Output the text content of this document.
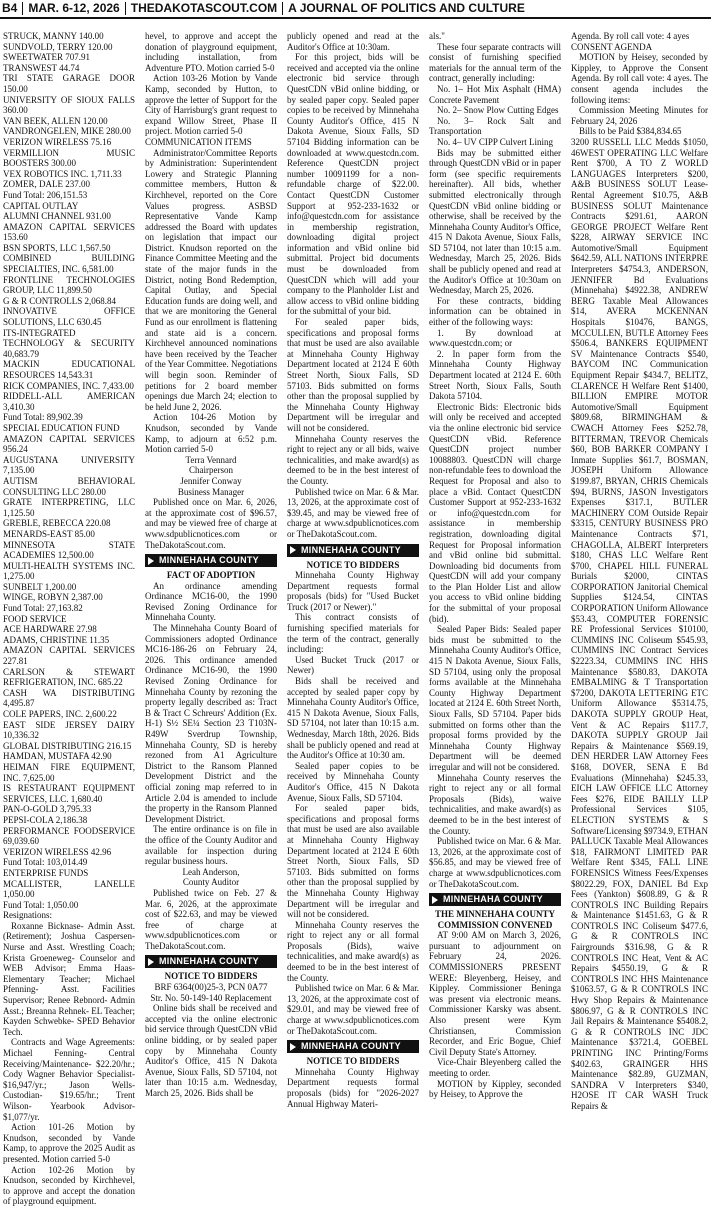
B4 MAR. 6-12, 2026 THEDAKOTASCOUT.COM A JOURNAL OF POLITICS AND CULTURE

STRUCK, MANNY 140.00

SUNDVOLD, TERRY 120.00

SWEETWATER 707.91

TRANSWEST 44.74

TRI STATE GARAGE DOOR 150.00

UNIVERSITY OF SIOUX FALLS 360.00

VAN BEEK, ALLEN 120.00

VANDRONGELEN, MIKE 280.00

VERIZON WIRELESS 75.16

VERMILLION MUSIC BOOSTERS 300.00

VEX ROBOTICS INC. 1,711.33

ZOMER, DALE 237.00

Fund Total: 206,151.53

CAPITAL OUTLAY

ALUMNI CHANNEL 931.00

AMAZON CAPITAL SERVICES 153.60

BSN SPORTS, LLC 1,567.50

COMBINED BUILDING SPECIALTIES, INC. 6,581.00

FRONTLINE TECHNOLOGIES GROUP, LLC 11,899.50

G & R CONTROLLS 2,068.84

INNOVATIVE OFFICE SOLUTIONS, LLC 630.45

ITS-INTEGRATED TECHNOLOGY & SECURITY 40,683.79

MACKIN EDUCATIONAL RESOURCES 14,543.31

RICK COMPANIES, INC. 7,433.00

RIDDELL-ALL AMERICAN 3,410.30

Fund Total: 89,902.39

SPECIAL EDUCATION FUND

AMAZON CAPITAL SERVICES 956.24

AUGUSTANA UNIVERSITY 7,135.00

AUTISM BEHAVIORAL CONSULTING LLC 280.00

GRATE INTERPRETING, LLC 1,125.50

GREBLE, REBECCA 220.08

MENARDS-EAST 85.00

MINNESOTA STATE ACADEMIES 12,500.00

MULTI-HEALTH SYSTEMS INC. 1,275.00

SUNBELT 1,200.00

WINGE, ROBYN 2,387.00

Fund Total: 27,163.82

FOOD SERVICE

ACE HARDWARE 27.98

ADAMS, CHRISTINE 11.35

AMAZON CAPITAL SERVICES 227.81

CARLSON & STEWART REFRIGERATION, INC. 685.22

CASH WA DISTRIBUTING 4,495.87

COLE PAPERS, INC. 2,600.22

EAST SIDE JERSEY DAIRY 10,336.32

GLOBAL DISTRIBUTING 216.15

HAMDAN, MUSTAFA 42.90

HEIMAN FIRE EQUIPMENT, INC. 7,625.00

IS RESTAURANT EQUIPMENT SERVICES, LLC. 1,680.40

PAN-O-GOLD 3,795.33

PEPSI-COLA 2,186.38

PERFORMANCE FOODSERVICE 69,039.60

VERIZON WIRELESS 42.96

Fund Total: 103,014.49

ENTERPRISE FUNDS

MCALLISTER, LANELLE 1,050.00

Fund Total: 1,050.00

Resignations:

Roxanne Bicknase- Admin Asst. (Retirement); Joshua Caspersen- Nurse and Asst. Wrestling Coach; Krista Groeneweg- Counselor and WEB Advisor; Emma Haas- Elementary Teacher; Michael Pfenning- Asst. Facilities Supervisor; Renee Rebnord- Admin Asst.; Breanna Rehnek- EL Teacher; Kayden Schwebke- SPED Behavior Tech.

Contracts and Wage Agreements: Michael Fenning- Central Receiving/Maintenance- $22.20/hr.; Cody Wagner Behavior Specialist- $16,947/yr.; Jason Wells- Custodian- $19.65/hr.; Trent Wilson- Yearbook Advisor- $1,077/yr.

Action 101-26 Motion by Knudson, seconded by Vande Kamp, to approve the 2025 Audit as presented. Motion carried 5-0

Action 102-26 Motion by Knudson, seconded by Kirchhevel, to approve and accept the donation of playground equipment.

hevel, to approve and accept the donation of playground equipment, including installation, from Adventure PTO. Motion carried 5-0

Action 103-26 Motion by Vande Kamp, seconded by Hutton, to approve the letter of Support for the City of Harrisburg's grant request to expand Willow Street, Phase II project. Motion carried 5-0

COMMUNICATION ITEMS

Administrator/Committee Reports by Administration: Superintendent Lowery and Strategic Planning committee members, Hutton & Kirchhevel, reported on the Core Values progress. ASBSD Representative Vande Kamp addressed the Board with updates on legislation that impact our District. Knudson reported on the Finance Committee Meeting and the state of the major funds in the District, noting Bond Redemption, Capital Outlay, and Special Education funds are doing well, and that we are monitoring the General Fund as our enrollment is flattening and state aid is a concern. Kirchhevel announced nominations have been received by the Teacher of the Year Committee. Negotiations will begin soon. Reminder of petitions for 2 board member openings due March 24; election to be held June 2, 2026.

Action 104-26 Motion by Knudson, seconded by Vande Kamp, to adjourn at 6:52 p.m. Motion carried 5-0

Terra Vennard

Chairperson

Jennifer Conway

Business Manager

Published once on Mar. 6, 2026, at the approximate cost of $96.57, and may be viewed free of charge at www.sdpublicnotices.com or TheDakotaScout.com.

MINNEHAHA COUNTY

FACT OF ADOPTION

An ordinance amending Ordinance MC16-00, the 1990 Revised Zoning Ordinance for Minnehaha County.

The Minnehaha County Board of Commissioners adopted Ordinance MC16-186-26 on February 24, 2026. This ordinance amended Ordinance MC16-90, the 1990 Revised Zoning Ordinance for Minnehaha County by rezoning the property legally described as: Tract B & Tract C Schreurs' Addition (Ex. H-1) S½ SE¼ Section 23 T103N-R49W Sverdrup Township, Minnehaha County, SD is hereby rezoned from A1 Agriculture District to the Ransom Planned Development District and the official zoning map referred to in Article 2.04 is amended to include the property in the Ransom Planned Development District.

The entire ordinance is on file in the office of the County Auditor and available for inspection during regular business hours.

Leah Anderson,

County Auditor

Published twice on Feb. 27 & Mar. 6, 2026, at the approximate cost of $22.63, and may be viewed free of charge at www.sdpublicnotices.com or TheDakotaScout.com.

MINNEHAHA COUNTY

NOTICE TO BIDDERS

BRF 6364(00)25-3, PCN 0A77

Str. No. 50-149-140 Replacement

Online bids shall be received and accepted via the online electronic bid service through QuestCDN vBid online bidding, or by sealed paper copy by Minnehaha County Auditor's Office, 415 N Dakota Avenue, Sioux Falls, SD 57104, not later than 10:15 a.m. Wednesday, March 25, 2026. Bids shall be

publicly opened and read at the Auditor's Office at 10:30am.

For this project, bids will be received and accepted via the online electronic bid service through QuestCDN vBid online bidding, or by sealed paper copy. Sealed paper copies to be received by Minnehaha County Auditor's Office, 415 N Dakota Avenue, Sioux Falls, SD 57104 Bidding information can be downloaded at www.questcdn.com. Reference QuestCDN project number 10091199 for a non-refundable charge of $22.00. Contact QuestCDN Customer Support at 952-233-1632 or info@questcdn.com for assistance in membership registration, downloading digital project information and vBid online bid submittal. Project bid documents must be downloaded from QuestCDN which will add your company to the Planholder List and allow access to vBid online bidding for the submittal of your bid.

For sealed paper bids, specifications and proposal forms that must be used are also available at Minnehaha County Highway Department located at 2124 E 60th Street North, Sioux Falls, SD 57103. Bids submitted on forms other than the proposal supplied by the Minnehaha County Highway Department will be irregular and will not be considered.

Minnehaha County reserves the right to reject any or all bids, waive technicalities, and make award(s) as deemed to be in the best interest of the County.

Published twice on Mar. 6 & Mar. 13, 2026, at the approximate cost of $39.45, and may be viewed free of charge at www.sdpublicnotices.com or TheDakotaScout.com.

MINNEHAHA COUNTY

NOTICE TO BIDDERS

Minnehaha County Highway Department requests formal proposals (bids) for "Used Bucket Truck (2017 or Newer)."

This contract consists of furnishing specified materials for the term of the contract, generally including:

Used Bucket Truck (2017 or Newer)

Bids shall be received and accepted by sealed paper copy by Minnehaha County Auditor's Office, 415 N Dakota Avenue, Sioux Falls, SD 57104, not later than 10:15 a.m. Wednesday, March 18th, 2026. Bids shall be publicly opened and read at the Auditor's Office at 10:30 am.

Sealed paper copies to be received by Minnehaha County Auditor's Office, 415 N Dakota Avenue, Sioux Falls, SD 57104.

For sealed paper bids, specifications and proposal forms that must be used are also available at Minnehaha County Highway Department located at 2124 E 60th Street North, Sioux Falls, SD 57103. Bids submitted on forms other than the proposal supplied by the Minnehaha County Highway Department will be irregular and will not be considered.

Minnehaha County reserves the right to reject any or all formal Proposals (Bids), waive technicalities, and make award(s) as deemed to be in the best interest of the County.

Published twice on Mar. 6 & Mar. 13, 2026, at the approximate cost of $29.01, and may be viewed free of charge at www.sdpublicnotices.com or TheDakotaScout.com.

MINNEHAHA COUNTY

NOTICE TO BIDDERS

Minnehaha County Highway Department requests formal proposals (bids) for "2026-2027 Annual Highway Materi-

als."

These four separate contracts will consist of furnishing specified materials for the annual term of the contract, generally including:

No. 1– Hot Mix Asphalt (HMA) Concrete Pavement

No. 2– Snow Plow Cutting Edges

No. 3– Rock Salt and Transportation

No. 4– UV CIPP Culvert Lining

Bids may be submitted either through QuestCDN vBid or in paper form (see specific requirements hereinafter). All bids, whether submitted electronically through QuestCDN vBid online bidding or otherwise, shall be received by the Minnehaha County Auditor's Office, 415 N Dakota Avenue, Sioux Falls, SD 57104, not later than 10:15 a.m. Wednesday, March 25, 2026. Bids shall be publicly opened and read at the Auditor's Office at 10:30am on Wednesday, March 25, 2026.

For these contracts, bidding information can be obtained in either of the following ways:

1. By download at www.questcdn.com; or

2. In paper form from the Minnehaha County Highway Department located at 2124 E. 60th Street North, Sioux Falls, South Dakota 57104.

Electronic Bids: Electronic bids will only be received and accepted via the online electronic bid service QuestCDN vBid. Reference QuestCDN project number 10088803. QuestCDN will charge non-refundable fees to download the Request for Proposal and also to place a vBid. Contact QuestCDN Customer Support at 952-233-1632 or info@questcdn.com for assistance in membership registration, downloading digital Request for Proposal information and vBid online bid submittal. Downloading bid documents from QuestCDN will add your company to the Plan Holder List and allow you access to vBid online bidding for the submittal of your proposal (bid).

Sealed Paper Bids: Sealed paper bids must be submitted to the Minnehaha County Auditor's Office, 415 N Dakota Avenue, Sioux Falls, SD 57104, using only the proposal forms available at the Minnehaha County Highway Department located at 2124 E. 60th Street North, Sioux Falls, SD 57104. Paper bids submitted on forms other than the proposal forms provided by the Minnehaha County Highway Department will be deemed irregular and will not be considered.

Minnehaha County reserves the right to reject any or all formal Proposals (Bids), waive technicalities, and make award(s) as deemed to be in the best interest of the County.

Published twice on Mar. 6 & Mar. 13, 2026, at the approximate cost of $56.85, and may be viewed free of charge at www.sdpublicnotices.com or TheDakotaScout.com.

MINNEHAHA COUNTY

THE MINNEHAHA COUNTY COMMISSION CONVENED

AT 9:00 AM on March 3, 2026, pursuant to adjournment on February 24, 2026. COMMISSIONERS PRESENT WERE: Bleyenberg, Heisey, and Kippley. Commissioner Beninga was present via electronic means. Commissioner Karsky was absent. Also present were Kym Christiansen, Commission Recorder, and Eric Bogue, Chief Civil Deputy State's Attorney.

Vice-Chair Bleyenberg called the meeting to order.

MOTION by Kippley, seconded by Heisey, to Approve the

Agenda. By roll call vote: 4 ayes

CONSENT AGENDA

MOTION by Heisey, seconded by Kippley, to Approve the Consent Agenda. By roll call vote: 4 ayes. The consent agenda includes the following items:

Commission Meeting Minutes for February 24, 2026

Bills to be Paid $384,834.65

3200 RUSSELL LLC Medds $1050, 46WEST OPERATING LLC Welfare Rent $700, A TO Z WORLD LANGUAGES Interpreters $200, A&B BUSINESS SOLUT Lease-Rental Agreement $10.75, A&B BUSINESS SOLUT Maintenance Contracts $291.61, AARON GEORGE PROJECT Welfare Rent $228, AIRWAY SERVICE INC Automotive/Small Equipment $642.59, ALL NATIONS INTERPRE Interpreters $4754.3, ANDERSON, JENNIFER Bd Evaluations (Minnehaha) $4922.38, ANDREW BERG Taxable Meal Allowances $14, AVERA MCKENNAN Hospitals $10476, BANGS, MCCULLEN, BUTLE Attorney Fees $506.4, BANKERS EQUIPMENT SV Maintenance Contracts $540, BAYCOM INC Communication Equipment Repair $434.7, BELITZ, CLARENCE H Welfare Rent $1400, BILLION EMPIRE MOTOR Automotive/Small Equipment $809.68, BIRMINGHAM & CWACH Attorney Fees $252.78, BITTERMAN, TREVOR Chemicals $60, BOB BARKER COMPANY I Inmate Supplies $61.7, BOSMAN, JOSEPH Uniform Allowance $199.87, BRYAN, CHRIS Chemicals $94, BURNS, JASON Investigators Expenses $317.1, BUTLER MACHINERY COM Outside Repair $3315, CENTURY BUSINESS PRO Maintenance Contracts $71, CHAGOLLA, ALBERT Interpreters $180, CHAS LLC Welfare Rent $700, CHAPEL HILL FUNERAL Burials $2000, CINTAS CORPORATION Janitorial Chemical Supplies $124.54, CINTAS CORPORATION Uniform Allowance $53.43, COMPUTER FORENSIC RE Professional Services $10100, CUMMINS INC Coliseum $545.93, CUMMINS INC Contract Services $2223.34, CUMMINS INC HHS Maintenance $580.83, DAKOTA EMBALMING & T Transportation $7200, DAKOTA LETTERING ETC Uniform Allowance $5314.75, DAKOTA SUPPLY GROUP Heat, Vent & AC Repairs $117.7, DAKOTA SUPPLY GROUP Jail Repairs & Maintenance $569.19, DEN HERDER LAW Attorney Fees $168, DOVER, SENA E Bd Evaluations (Minnehaha) $245.33, EICH LAW OFFICE LLC Attorney Fees $276, EIDE BAILLY LLP Professional Services $105, ELECTION SYSTEMS & S Software/Licensing $9734.9, ETHAN PALLUCK Taxable Meal Allowances $18, FAIRMONT LIMITED PAR Welfare Rent $345, FALL LINE FORENSICS Witness Fees/Expenses $8022.29, FOX, DANIEL Bd Exp Fees (Yankton) $608.89, G & R CONTROLS INC Building Repairs & Maintenance $1451.63, G & R CONTROLS INC Coliseum $477.6, G & R CONTROLS INC Fairgrounds $316.98, G & R CONTROLS INC Heat, Vent & AC Repairs $4550.19, G & R CONTROLS INC HHS Maintenance $1063.57, G & R CONTROLS INC Hwy Shop Repairs & Maintenance $806.97, G & R CONTROLS INC Jail Repairs & Maintenance $5408.2, G & R CONTROLS INC JDC Maintenance $3721.4, GOEBEL PRINTING INC Printing/Forms $402.63, GRAINGER HHS Maintenance $82.89, GUZMAN, SANDRA V Interpreters $340, H2OSE IT CAR WASH Truck Repairs &
